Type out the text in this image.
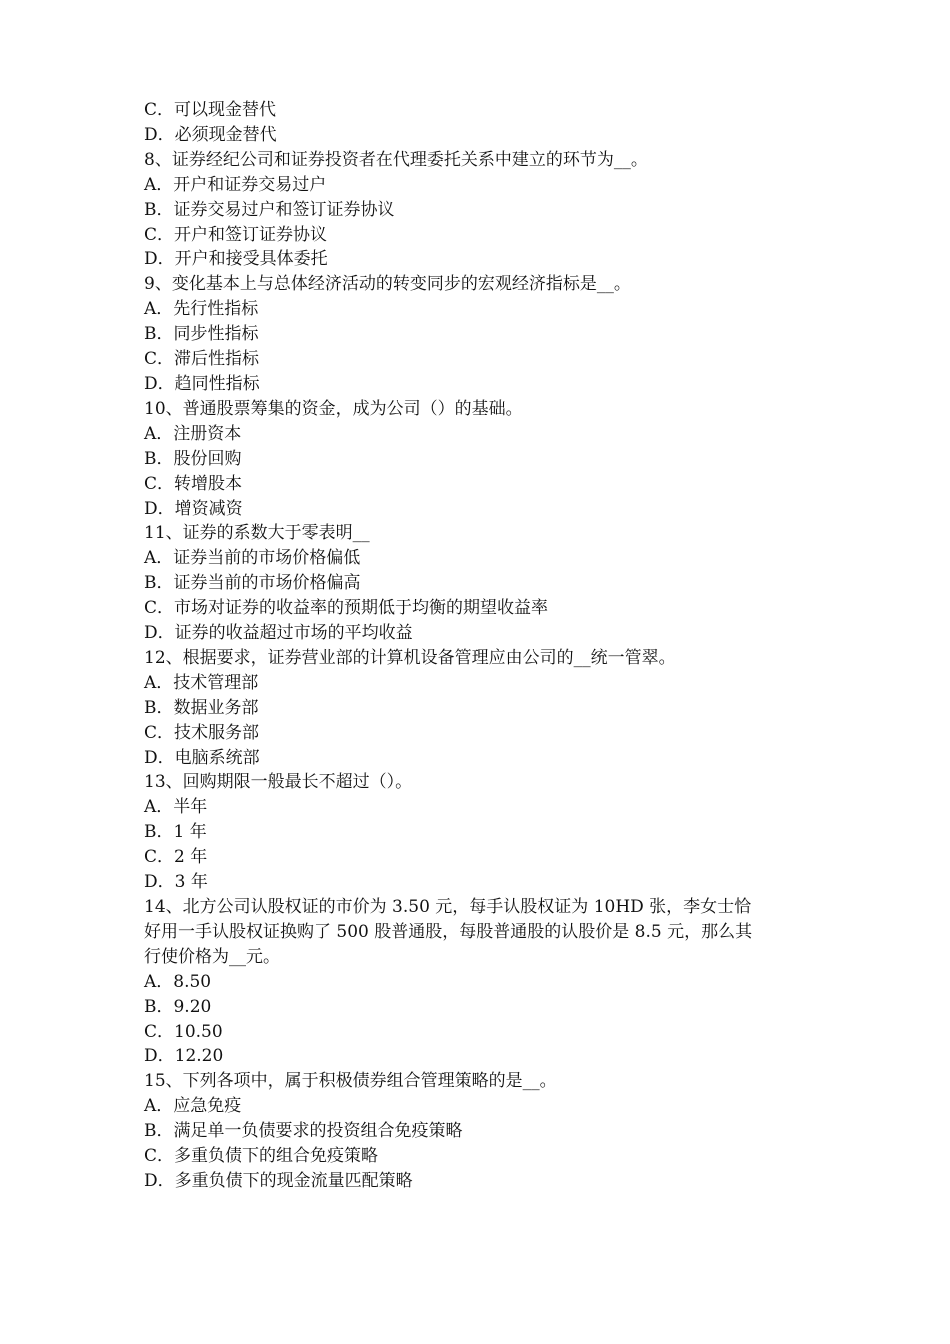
C．可以现金替代
D．必须现金替代
8、证券经纪公司和证券投资者在代理委托关系中建立的环节为__。
A．开户和证券交易过户
B．证券交易过户和签订证券协议
C．开户和签订证券协议
D．开户和接受具体委托
9、变化基本上与总体经济活动的转变同步的宏观经济指标是__。
A．先行性指标
B．同步性指标
C．滞后性指标
D．趋同性指标
10、普通股票筹集的资金，成为公司（）的基础。
A．注册资本
B．股份回购
C．转增股本
D．增资减资
11、证券的系数大于零表明__
A．证券当前的市场价格偏低
B．证券当前的市场价格偏高
C．市场对证券的收益率的预期低于均衡的期望收益率
D．证券的收益超过市场的平均收益
12、根据要求，证券营业部的计算机设备管理应由公司的__统一管翠。
A．技术管理部
B．数据业务部
C．技术服务部
D．电脑系统部
13、回购期限一般最长不超过（）。
A．半年
B．1 年
C．2 年
D．3 年
14、北方公司认股权证的市价为 3.50 元，每手认股权证为 10HD 张，李女士恰
好用一手认股权证换购了 500 股普通股，每股普通股的认股价是 8.5 元，那么其
行使价格为__元。
A．8.50
B．9.20
C．10.50
D．12.20
15、下列各项中，属于积极债券组合管理策略的是__。
A．应急免疫
B．满足单一负债要求的投资组合免疫策略
C．多重负债下的组合免疫策略
D．多重负债下的现金流量匹配策略
